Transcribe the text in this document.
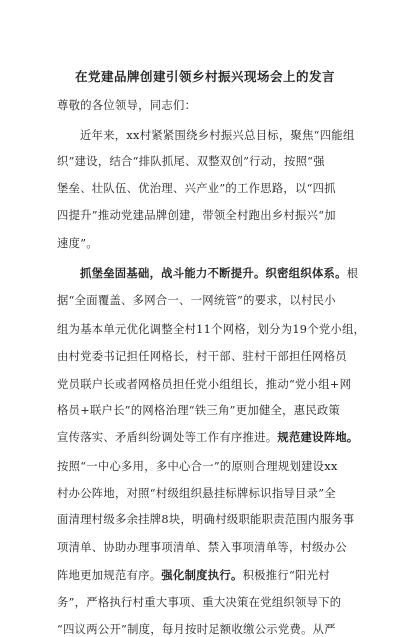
在党建品牌创建引领乡村振兴现场会上的发言
尊敬的各位领导，同志们：
近年来，xx村紧紧围绕乡村振兴总目标，聚焦“四能组
织”建设，结合“排队抓尾、双整双创”行动，按照“强
堡垒、壮队伍、优治理、兴产业”的工作思路，以“四抓
四提升”推动党建品牌创建，带领全村跑出乡村振兴“加
速度”。
抓堡垒固基础，战斗能力不断提升。织密组织体系。根
据“全面覆盖、多网合一、一网统管”的要求，以村民小
组为基本单元优化调整全村11个网格，划分为19个党小组，
由村党委书记担任网格长，村干部、驻村干部担任网格员
党员联户长或者网格员担任党小组组长，推动“党小组+网
格员+联户长”的网格治理“铁三角”更加健全，惠民政策
宣传落实、矛盾纠纷调处等工作有序推进。规范建设阵地。
按照“一中心多用，多中心合一”的原则合理规划建设xx
村办公阵地，对照“村级组织悬挂标牌标识指导目录”全
面清理村级多余挂牌8块，明确村级职能职责范围内服务事
项清单、协助办理事项清单、禁入事项清单等，村级办公
阵地更加规范有序。强化制度执行。积极推行“阳光村
务”，严格执行村重大事项、重大决策在党组织领导下的
“四议两公开”制度，每月按时足额收缴公示党费。从严
